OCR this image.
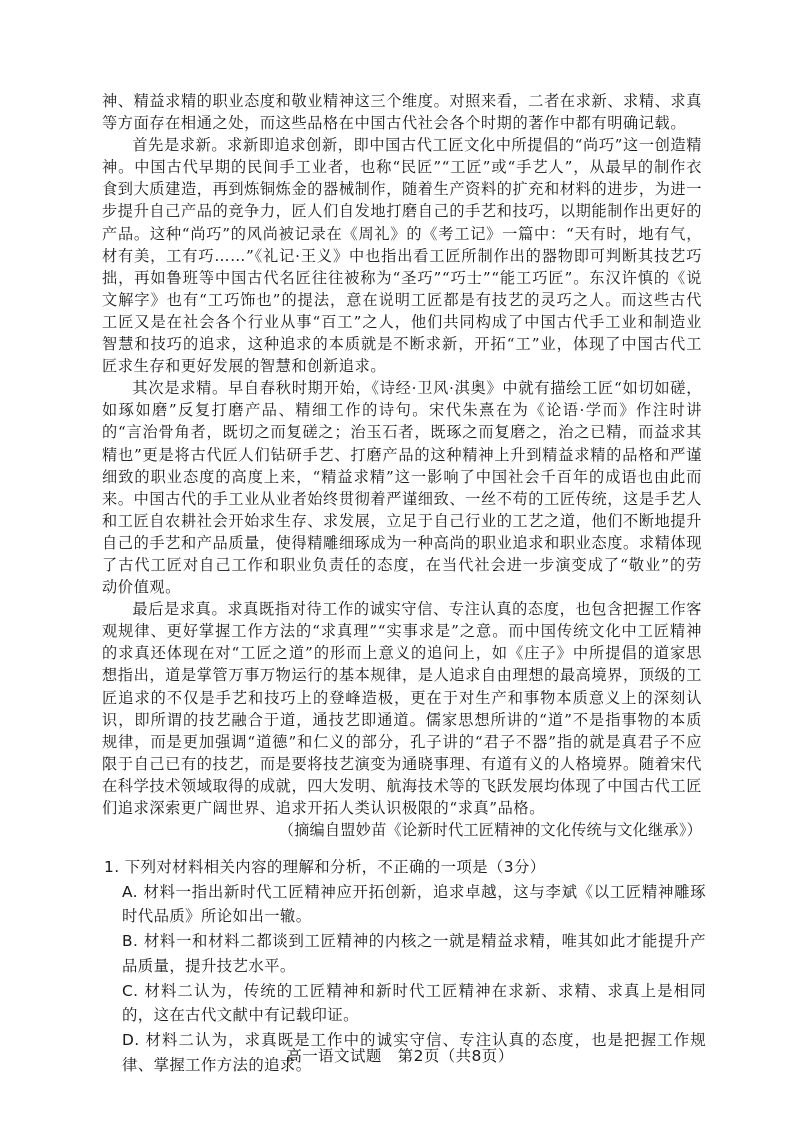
神、精益求精的职业态度和敬业精神这三个维度。对照来看，二者在求新、求精、求真等方面存在相通之处，而这些品格在中国古代社会各个时期的著作中都有明确记载。

首先是求新。求新即追求创新，即中国古代工匠文化中所提倡的“尚巧”这一创造精神。中国古代早期的民间手工业者，也称“民匠”“工匠”或“手艺人”，从最早的制作衣食到大质建造，再到炼铜炼金的器械制作，随着生产资料的扩充和材料的进步，为进一步提升自己产品的竞争力，匠人们自发地打磨自己的手艺和技巧，以期能制作出更好的产品。这种“尚巧”的风尚被记录在《周礼》的《考工记》一篇中：“天有时，地有气，材有美，工有巧……”《礼记·王义》中也指出看工匠所制作出的器物即可判断其技艺巧拙，再如鲁班等中国古代名匠往往被称为“圣巧”“巧士”“能工巧匠”。东汉许慎的《说文解字》也有“工巧饰也”的提法，意在说明工匠都是有技艺的灵巧之人。而这些古代工匠又是在社会各个行业从事“百工”之人，他们共同构成了中国古代手工业和制造业智慧和技巧的追求，这种追求的本质就是不断求新，开拓“工”业，体现了中国古代工匠求生存和更好发展的智慧和创新追求。

其次是求精。早自春秋时期开始，《诗经·卫风·淇奥》中就有描绘工匠“如切如磋，如琢如磨”反复打磨产品、精细工作的诗句。宋代朱熹在为《论语·学而》作注时讲的“言治骨角者，既切之而复磋之；治玉石者，既琢之而复磨之，治之已精，而益求其精也”更是将古代匠人们钻研手艺、打磨产品的这种精神上升到精益求精的品格和严谨细致的职业态度的高度上来，“精益求精”这一影响了中国社会千百年的成语也由此而来。中国古代的手工业从业者始终贯彻着严谨细致、一丝不苟的工匠传统，这是手艺人和工匠自农耕社会开始求生存、求发展，立足于自己行业的工艺之道，他们不断地提升自己的手艺和产品质量，使得精雕细琢成为一种高尚的职业追求和职业态度。求精体现了古代工匠对自己工作和职业负责任的态度，在当代社会进一步演变成了“敬业”的劳动价值观。

最后是求真。求真既指对待工作的诚实守信、专注认真的态度，也包含把握工作客观规律、更好掌握工作方法的“求真理”“实事求是”之意。而中国传统文化中工匠精神的求真还体现在对“工匠之道”的形而上意义的追问上，如《庄子》中所提倡的道家思想指出，道是掌管万事万物运行的基本规律，是人追求自由理想的最高境界，顶级的工匠追求的不仅是手艺和技巧上的登峰造极，更在于对生产和事物本质意义上的深刻认识，即所谓的技艺融合于道，通技艺即通道。儒家思想所讲的“道”不是指事物的本质规律，而是更加强调“道德”和仁义的部分，孔子讲的“君子不器”指的就是真君子不应限于自己已有的技艺，而是要将技艺演变为通晓事理、有道有义的人格境界。随着宋代在科学技术领域取得的成就，四大发明、航海技术等的飞跃发展均体现了中国古代工匠们追求深索更广阔世界、追求开拓人类认识极限的“求真”品格。

（摘编自盟妙苗《论新时代工匠精神的文化传统与文化继承》）

1. 下列对材料相关内容的理解和分析，不正确的一项是（3分）

A. 材料一指出新时代工匠精神应开拓创新，追求卓越，这与李斌《以工匠精神雕琢时代品质》所论如出一辙。

B. 材料一和材料二都谈到工匠精神的内核之一就是精益求精，唯其如此才能提升产品质量，提升技艺水平。

C. 材料二认为，传统的工匠精神和新时代工匠精神在求新、求精、求真上是相同的，这在古代文献中有记载印证。

D. 材料二认为，求真既是工作中的诚实守信、专注认真的态度，也是把握工作规律、掌握工作方法的追求。

高一语文试题　第2页（共8页）
